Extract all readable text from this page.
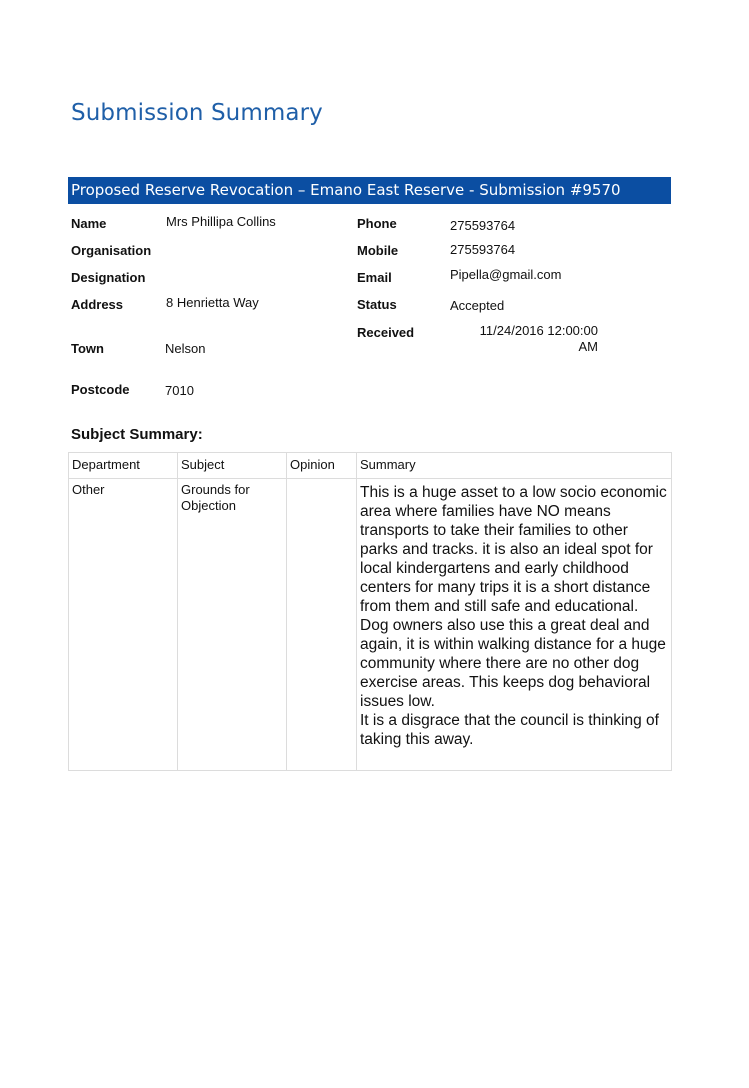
Submission Summary
Proposed Reserve Revocation – Emano East Reserve - Submission #9570
Name	Mrs Phillipa Collins
Organisation
Designation
Address	8 Henrietta Way
Town	Nelson
Postcode	7010
Phone	275593764
Mobile	275593764
Email	Pipella@gmail.com
Status	Accepted
Received	11/24/2016 12:00:00
AM
Subject Summary:
Department	Subject	Opinion	Summary
Other	Grounds for Objection		This is a huge asset to a low socio economic area where families have NO means transports to take their families to other parks and tracks. it is also an ideal spot for local kindergartens and early childhood centers for many trips it is a short distance from them and still safe and educational.
Dog owners also use this a great deal and again, it is within walking distance for a huge community where there are no other dog exercise areas. This keeps dog behavioral issues low.
It is a disgrace that the council is thinking of taking this away.
